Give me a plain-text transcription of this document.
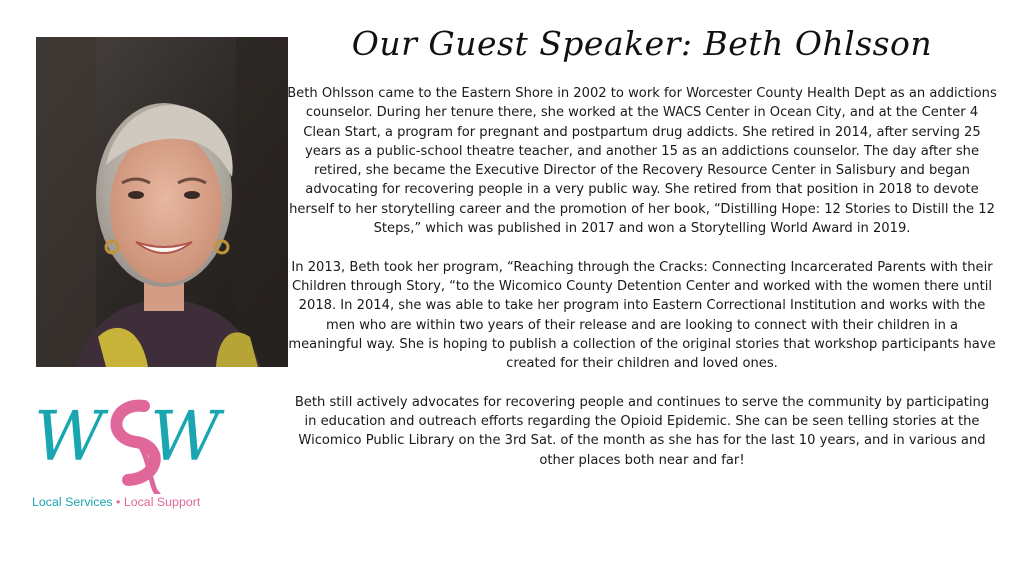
W W
Local Services • Local Support
Our Guest Speaker: Beth Ohlsson

Beth Ohlsson came to the Eastern Shore in 2002 to work for Worcester County Health Dept as an addictions counselor. During her tenure there, she worked at the WACS Center in Ocean City, and at the Center 4 Clean Start, a program for pregnant and postpartum drug addicts. She retired in 2014, after serving 25 years as a public-school theatre teacher, and another 15 as an addictions counselor. The day after she retired, she became the Executive Director of the Recovery Resource Center in Salisbury and began advocating for recovering people in a very public way. She retired from that position in 2018 to devote herself to her storytelling career and the promotion of her book, “Distilling Hope: 12 Stories to Distill the 12 Steps,” which was published in 2017 and won a Storytelling World Award in 2019.

In 2013, Beth took her program, “Reaching through the Cracks: Connecting Incarcerated Parents with their Children through Story, “to the Wicomico County Detention Center and worked with the women there until 2018. In 2014, she was able to take her program into Eastern Correctional Institution and works with the men who are within two years of their release and are looking to connect with their children in a meaningful way. She is hoping to publish a collection of the original stories that workshop participants have created for their children and loved ones.

Beth still actively advocates for recovering people and continues to serve the community by participating in education and outreach efforts regarding the Opioid Epidemic. She can be seen telling stories at the Wicomico Public Library on the 3rd Sat. of the month as she has for the last 10 years, and in various and other places both near and far!
